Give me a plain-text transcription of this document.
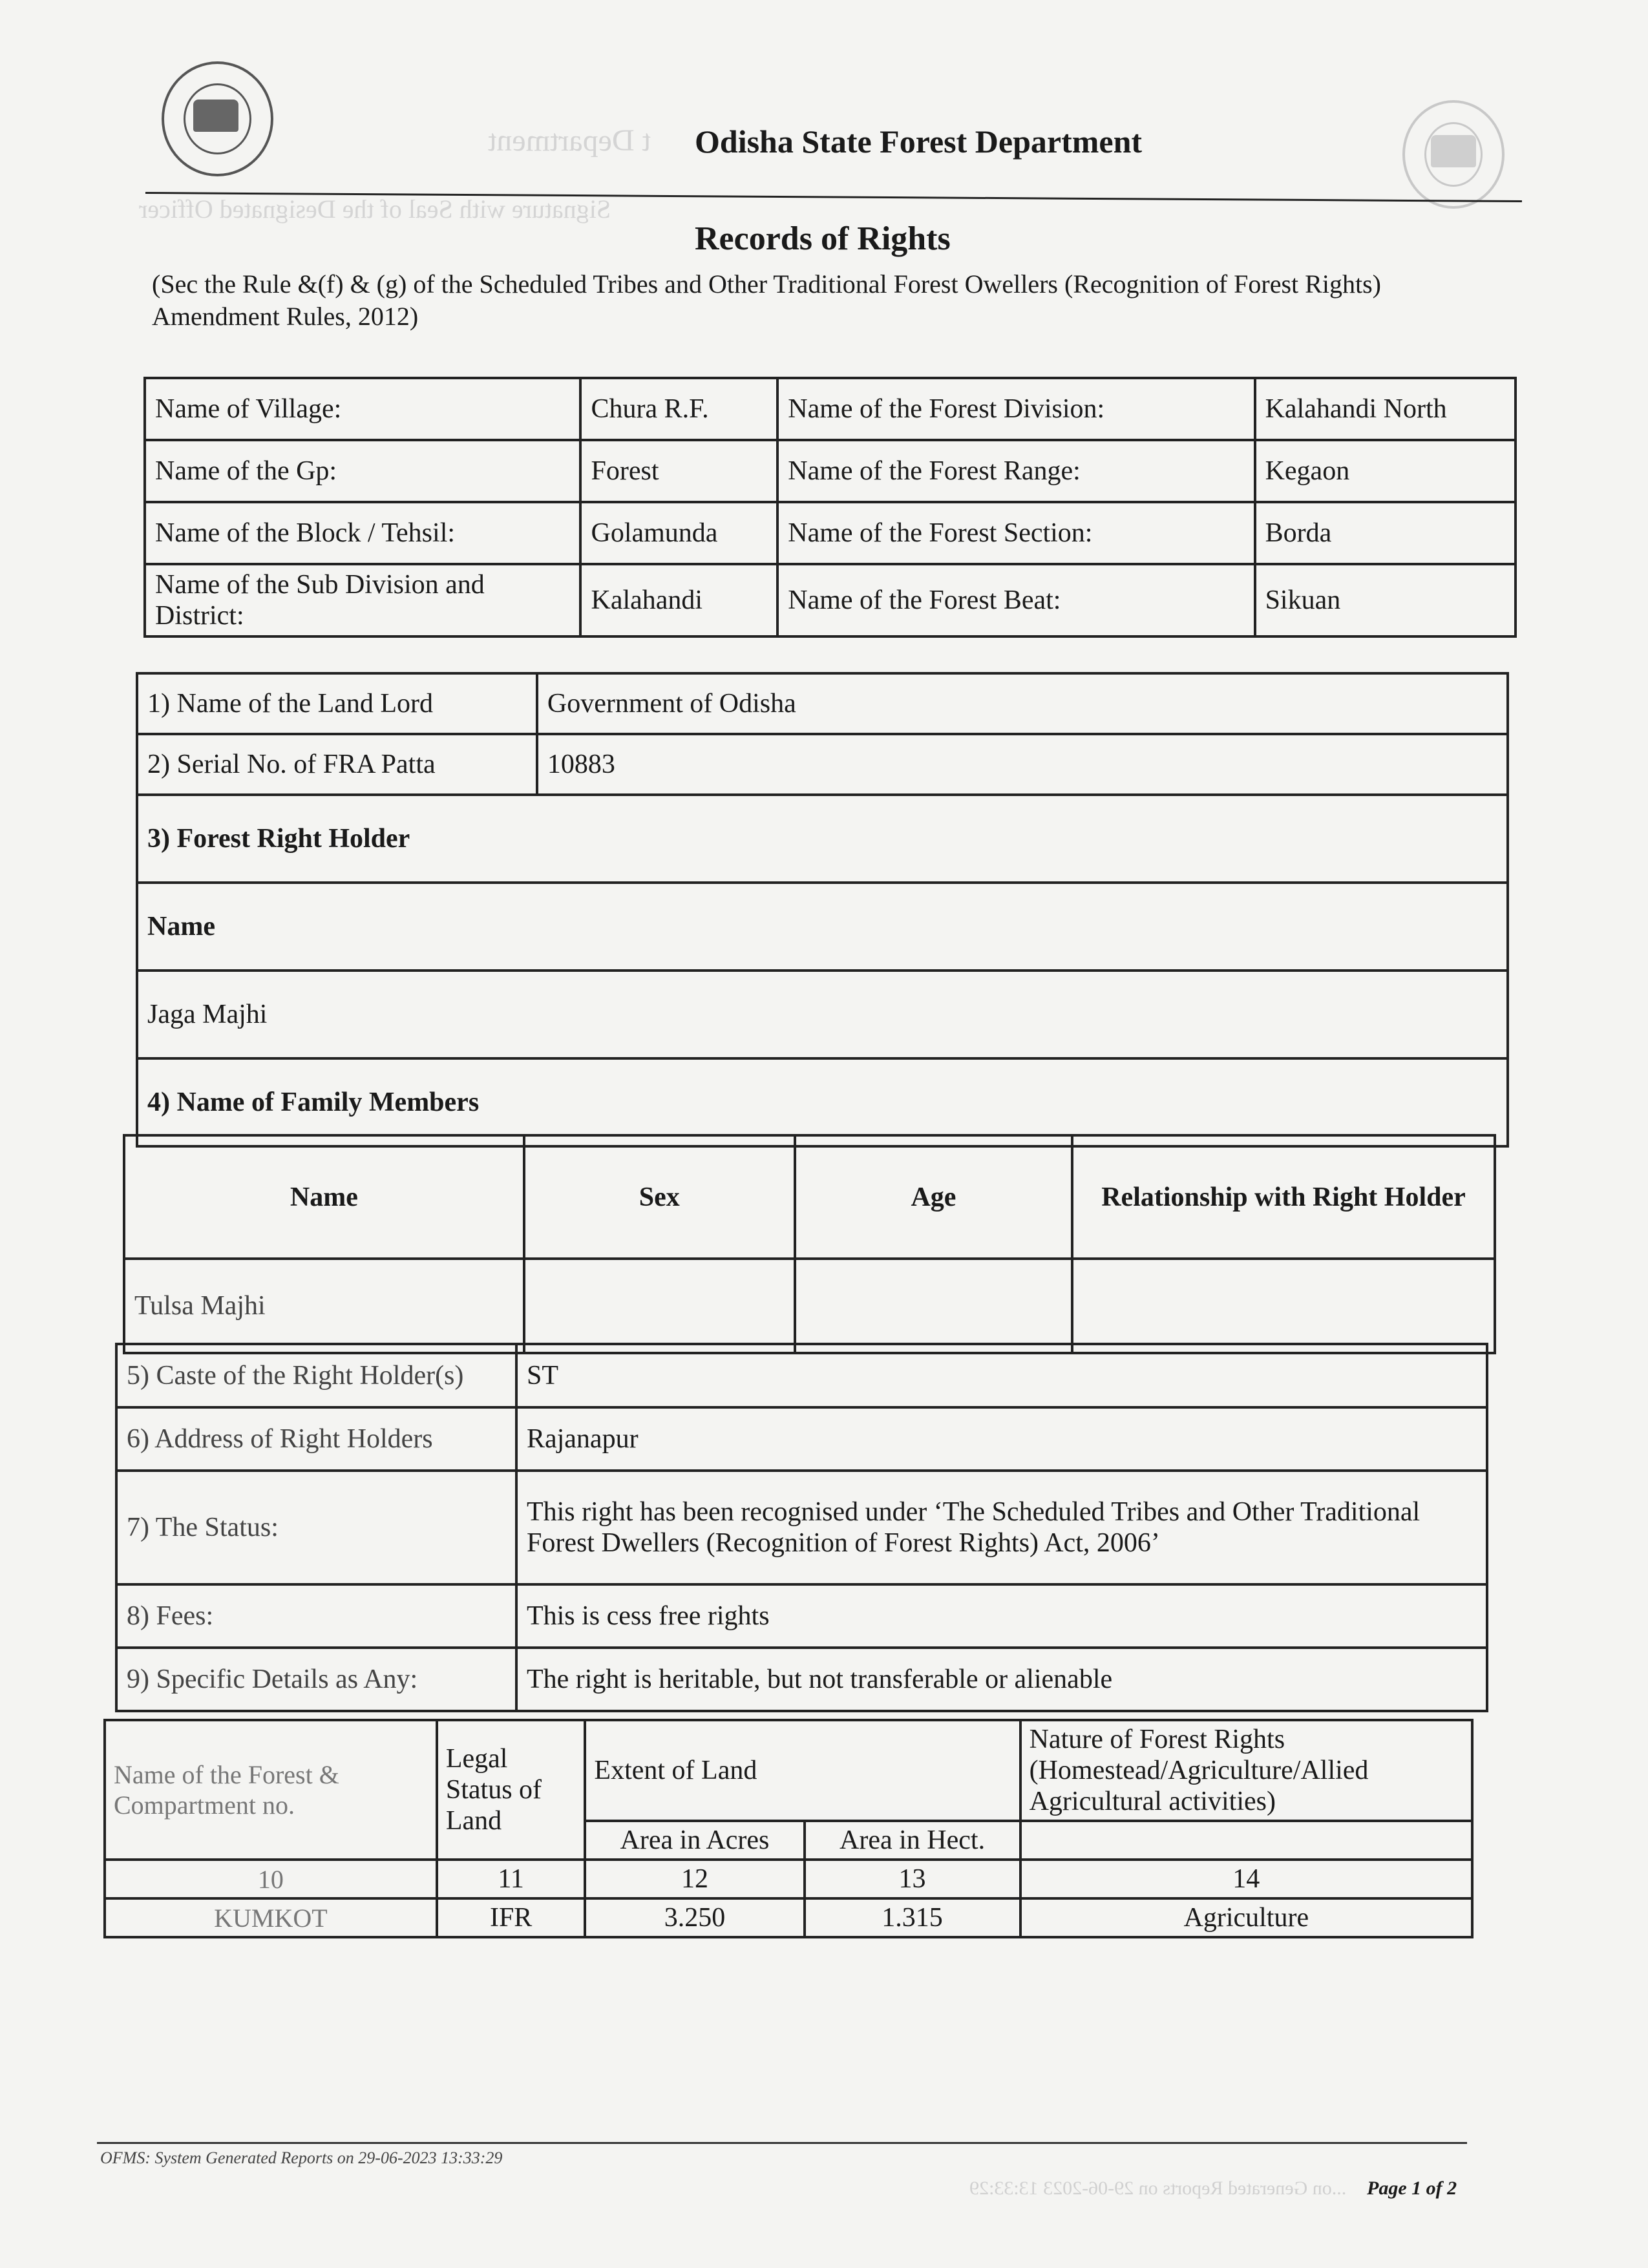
t Department Odisha State Forest Department
Signature with Seal of the Designated Officer
Records of Rights
(Sec the Rule &(f) & (g) of the Scheduled Tribes and Other Traditional Forest Owellers (Recognition of Forest Rights) Amendment Rules, 2012)
Name of Village:	Chura R.F.	Name of the Forest Division:	Kalahandi North
Name of the Gp:	Forest	Name of the Forest Range:	Kegaon
Name of the Block / Tehsil:	Golamunda	Name of the Forest Section:	Borda
Name of the Sub Division and District:	Kalahandi	Name of the Forest Beat:	Sikuan
1) Name of the Land Lord	Government of Odisha
2) Serial No. of FRA Patta	10883
3) Forest Right Holder	
Name	
Jaga Majhi	
4) Name of Family Members	
Name	Sex	Age	Relationship with Right Holder
Tulsa Majhi			
5) Caste of the Right Holder(s)	ST
6) Address of Right Holders	Rajanapur
7) The Status:	This right has been recognised under ‘The Scheduled Tribes and Other Traditional
Forest Dwellers (Recognition of Forest Rights) Act, 2006’
8) Fees:	This is cess free rights
9) Specific Details as Any:	The right is heritable, but not transferable or alienable
Name of the Forest & Compartment no.	Legal Status of Land	Extent of Land		Nature of Forest Rights (Homestead/Agriculture/Allied Agricultural activities)
		Area in Acres	Area in Hect.	
10	11	12	13	14
KUMKOT	IFR	3.250	1.315	Agriculture
OFMS: System Generated Reports on 29-06-2023 13:33:29
...on Generated Reports on 29-06-2023 13:33:29 Page 1 of 2
